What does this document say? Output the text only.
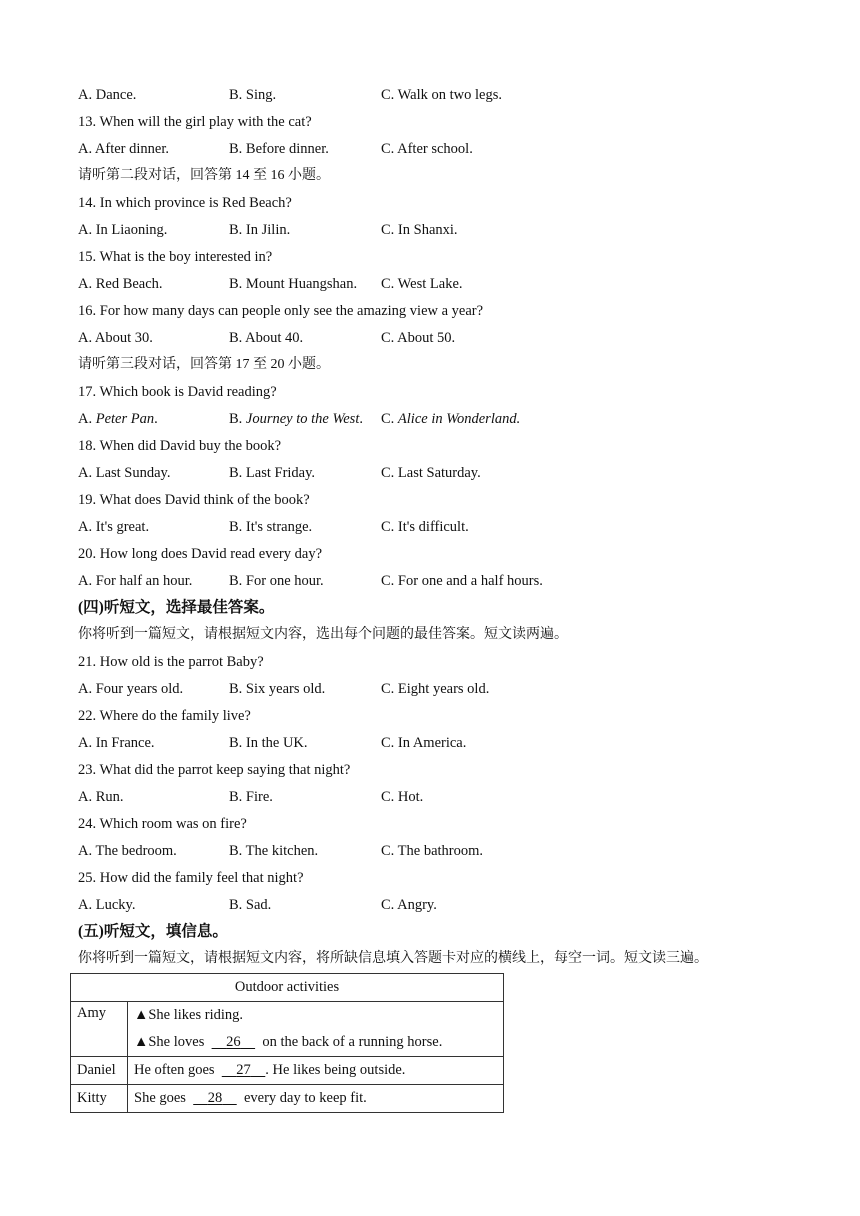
A. Dance.	B. Sing.	C. Walk on two legs.
13. When will the girl play with the cat?
A. After dinner.	B. Before dinner.	C. After school.
请听第二段对话，回答第 14 至 16 小题。
14. In which province is Red Beach?
A. In Liaoning.	B. In Jilin.	C. In Shanxi.
15. What is the boy interested in?
A. Red Beach.	B. Mount Huangshan. C. West Lake.
16. For how many days can people only see the amazing view a year?
A. About 30.	B. About 40.	C. About 50.
请听第三段对话，回答第 17 至 20 小题。
17. Which book is David reading?
A. Peter Pan.	B. Journey to the West. C. Alice in Wonderland.
18. When did David buy the book?
A. Last Sunday.	B. Last Friday.	C. Last Saturday.
19. What does David think of the book?
A. It's great.	B. It's strange.	C. It's difficult.
20. How long does David read every day?
A. For half an hour.	B. For one hour.	C. For one and a half hours.
(四)听短文，选择最佳答案。
你将听到一篇短文，请根据短文内容，选出每个问题的最佳答案。短文读两遍。
21. How old is the parrot Baby?
A. Four years old.	B. Six years old.	C. Eight years old.
22. Where do the family live?
A. In France.	B. In the UK.	C. In America.
23. What did the parrot keep saying that night?
A. Run.	B. Fire.	C. Hot.
24. Which room was on fire?
A. The bedroom.	B. The kitchen.	C. The bathroom.
25. How did the family feel that night?
A. Lucky.	B. Sad.	C. Angry.
(五)听短文，填信息。
你将听到一篇短文，请根据短文内容，将所缺信息填入答题卡对应的横线上，每空一词。短文读三遍。
Outdoor activities	
Amy	▲She likes riding.
▲She loves 26 on the back of a running horse.

Daniel	He often goes 27 . He likes being outside.

Kitty	She goes 28 every day to keep fit.
